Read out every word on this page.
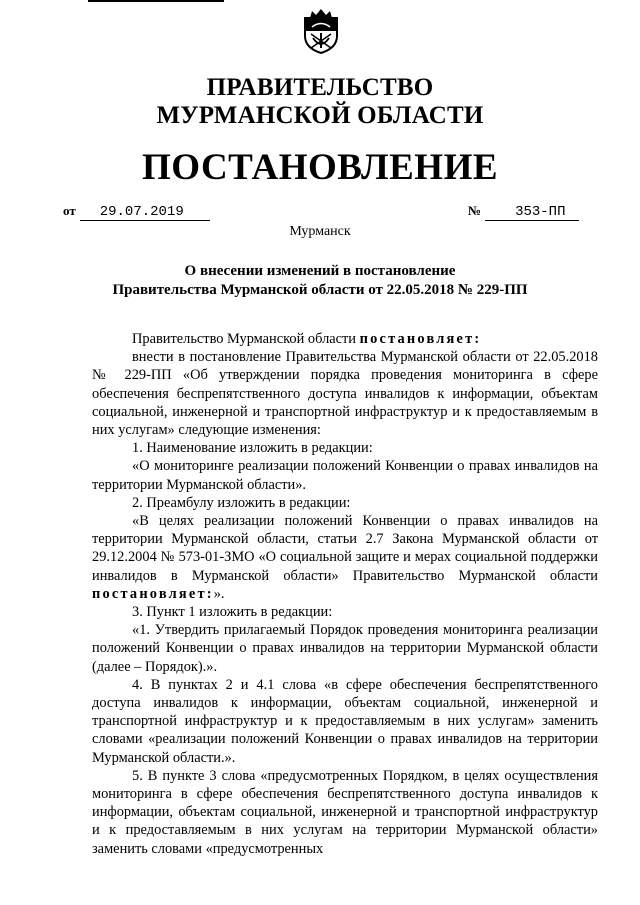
ПРАВИТЕЛЬСТВО
МУРМАНСКОЙ ОБЛАСТИ
ПОСТАНОВЛЕНИЕ
от 29.07.2019	№ 353-ПП
Мурманск
О внесении изменений в постановление
Правительства Мурманской области от 22.05.2018 № 229-ПП

Правительство Мурманской области постановляет:

внести в постановление Правительства Мурманской области от 22.05.2018 № 229-ПП «Об утверждении порядка проведения мониторинга в сфере обеспечения беспрепятственного доступа инвалидов к информации, объектам социальной, инженерной и транспортной инфраструктур и к предоставляемым в них услугам» следующие изменения:

1. Наименование изложить в редакции:

«О мониторинге реализации положений Конвенции о правах инвалидов на территории Мурманской области».

2. Преамбулу изложить в редакции:

«В целях реализации положений Конвенции о правах инвалидов на территории Мурманской области, статьи 2.7 Закона Мурманской области от 29.12.2004 № 573-01-ЗМО «О социальной защите и мерах социальной поддержки инвалидов в Мурманской области» Правительство Мурманской области постановляет:».

3. Пункт 1 изложить в редакции:

«1. Утвердить прилагаемый Порядок проведения мониторинга реализации положений Конвенции о правах инвалидов на территории Мурманской области (далее – Порядок).».

4. В пунктах 2 и 4.1 слова «в сфере обеспечения беспрепятственного доступа инвалидов к информации, объектам социальной, инженерной и транспортной инфраструктур и к предоставляемым в них услугам» заменить словами «реализации положений Конвенции о правах инвалидов на территории Мурманской области.».

5. В пункте 3 слова «предусмотренных Порядком, в целях осуществления мониторинга в сфере обеспечения беспрепятственного доступа инвалидов к информации, объектам социальной, инженерной и транспортной инфраструктур и к предоставляемым в них услугам на территории Мурманской области» заменить словами «предусмотренных
